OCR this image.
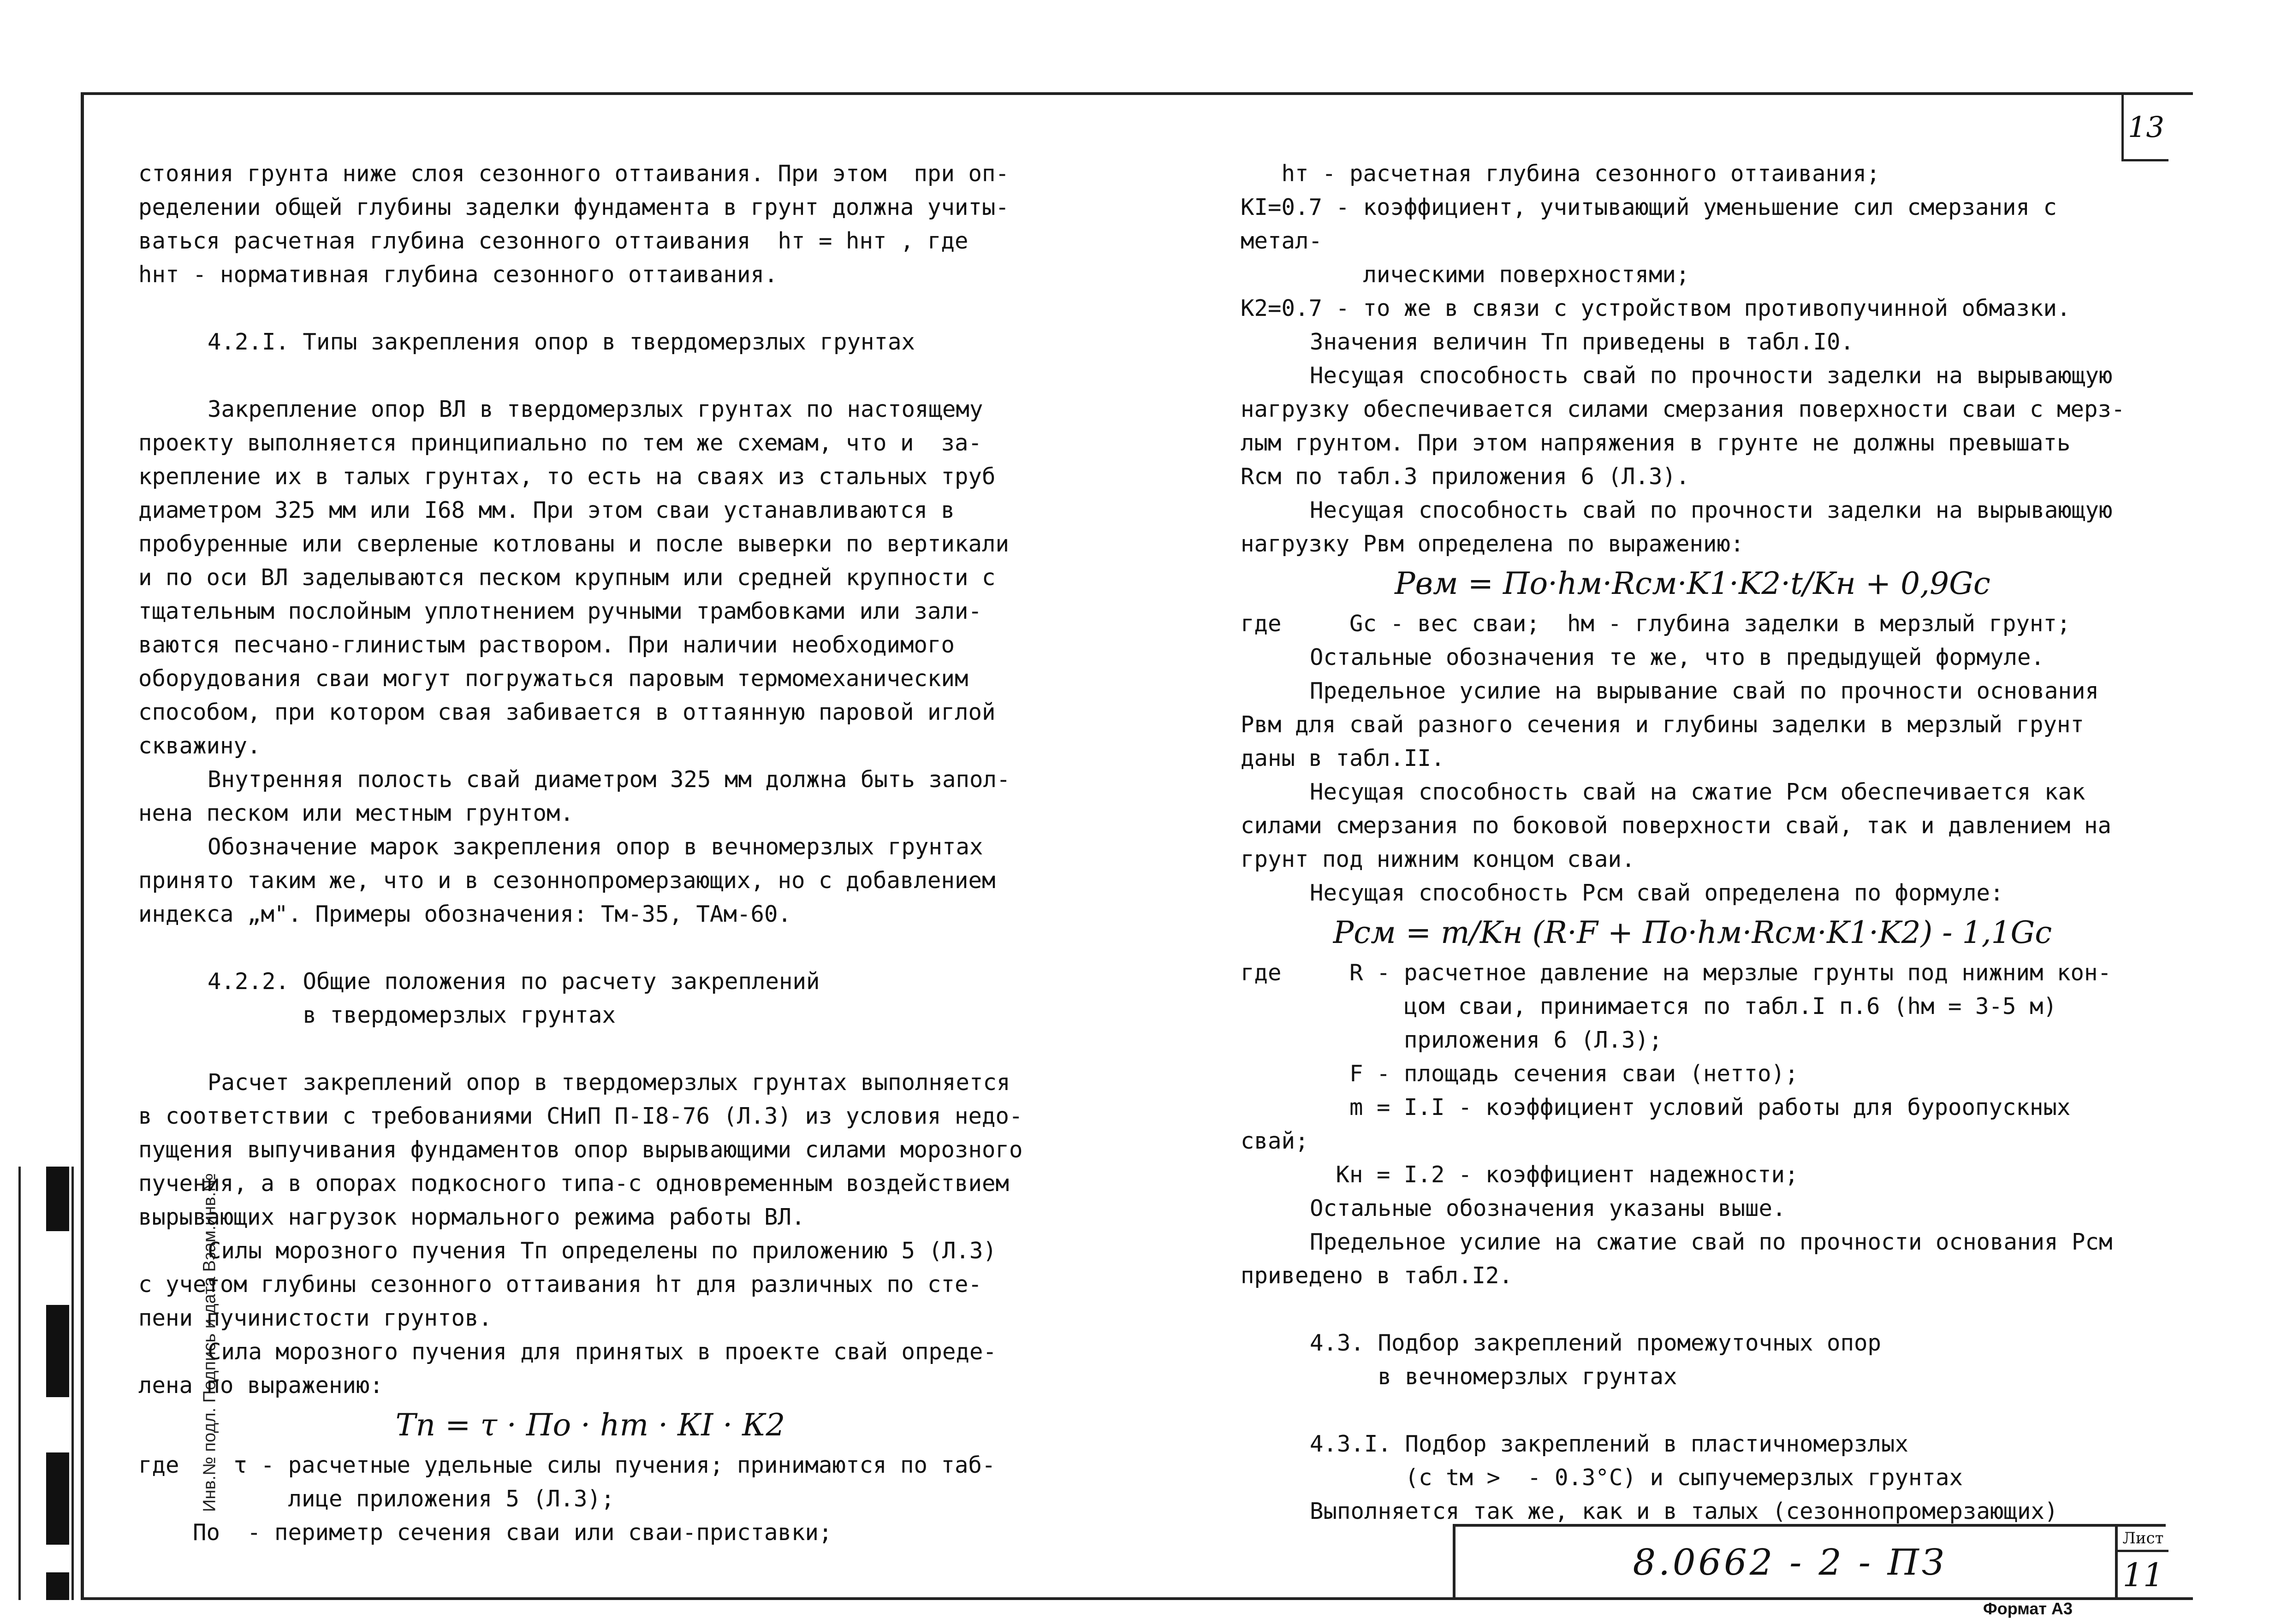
13
Инв.№ подл. Подпись и дата Взам.инв.№

стояния грунта ниже слоя сезонного оттаивания. При этом  при оп-

ределении общей глубины заделки фундамента в грунт должна учиты-

ваться расчетная глубина сезонного оттаивания  hт = hнт , где

hнт - нормативная глубина сезонного оттаивания.

4.2.I. Типы закрепления опор в твердомерзлых грунтах

Закрепление опор ВЛ в твердомерзлых грунтах по настоящему

проекту выполняется принципиально по тем же схемам, что и  за-

крепление их в талых грунтах, то есть на сваях из стальных труб

диаметром 325 мм или I68 мм. При этом сваи устанавливаются в

пробуренные или сверленые котлованы и после выверки по вертикали

и по оси ВЛ заделываются песком крупным или средней крупности с

тщательным послойным уплотнением ручными трамбовками или зали-

ваются песчано-глинистым раствором. При наличии необходимого

оборудования сваи могут погружаться паровым термомеханическим

способом, при котором свая забивается в оттаянную паровой иглой

скважину.

Внутренняя полость свай диаметром 325 мм должна быть запол-

нена песком или местным грунтом.

Обозначение марок закрепления опор в вечномерзлых грунтах

принято таким же, что и в сезоннопромерзающих, но с добавлением

индекса „м". Примеры обозначения: Тм-35, ТАм-60.

4.2.2. Общие положения по расчету закреплений

в твердомерзлых грунтах

Расчет закреплений опор в твердомерзлых грунтах выполняется

в соответствии с требованиями СНиП П-I8-76 (Л.3) из условия недо-

пущения выпучивания фундаментов опор вырывающими силами морозного

пучения, а в опорах подкосного типа-с одновременным воздействием

вырывающих нагрузок нормального режима работы ВЛ.

Силы морозного пучения Тп определены по приложению 5 (Л.3)

с учетом глубины сезонного оттаивания hт для различных по сте-

пени пучинистости грунтов.

Сила морозного пучения для принятых в проекте свай опреде-

лена по выражению:

Тп = τ · По · hт · КI · К2

где    τ - расчетные удельные силы пучения; принимаются по таб-

лице приложения 5 (Л.3);

По  - периметр сечения сваи или сваи-приставки;

hт - расчетная глубина сезонного оттаивания;

КI=0.7 - коэффициент, учитывающий уменьшение сил смерзания с метал-

лическими поверхностями;

К2=0.7 - то же в связи с устройством противопучинной обмазки.

Значения величин Тп приведены в табл.I0.

Несущая способность свай по прочности заделки на вырывающую

нагрузку обеспечивается силами смерзания поверхности сваи с мерз-

лым грунтом. При этом напряжения в грунте не должны превышать

Rсм по табл.3 приложения 6 (Л.3).

Несущая способность свай по прочности заделки на вырывающую

нагрузку Рвм определена по выражению:

Pвм = По·hм·Rсм·K1·K2·t/Kн + 0,9Gc

где     Gc - вес сваи;  hм - глубина заделки в мерзлый грунт;

Остальные обозначения те же, что в предыдущей формуле.

Предельное усилие на вырывание свай по прочности основания

Рвм для свай разного сечения и глубины заделки в мерзлый грунт

даны в табл.II.

Несущая способность свай на сжатие Рсм обеспечивается как

силами смерзания по боковой поверхности свай, так и давлением на

грунт под нижним концом сваи.

Несущая способность Рсм свай определена по формуле:

Pсм = m/Kн (R·F + По·hм·Rсм·K1·K2) - 1,1Gc

где     R - расчетное давление на мерзлые грунты под нижним кон-

цом сваи, принимается по табл.I п.6 (hм = 3-5 м)

приложения 6 (Л.3);

F - площадь сечения сваи (нетто);

m = I.I - коэффициент условий работы для буроопускных свай;

Кн = I.2 - коэффициент надежности;

Остальные обозначения указаны выше.

Предельное усилие на сжатие свай по прочности основания Рсм

приведено в табл.I2.

4.3. Подбор закреплений промежуточных опор

в вечномерзлых грунтах

4.3.I. Подбор закреплений в пластичномерзлых

(с tм >  - 0.3°С) и сыпучемерзлых грунтах

Выполняется так же, как и в талых (сезоннопромерзающих)

8.0662 - 2 - ПЗ
Лист
11
Формат А3
